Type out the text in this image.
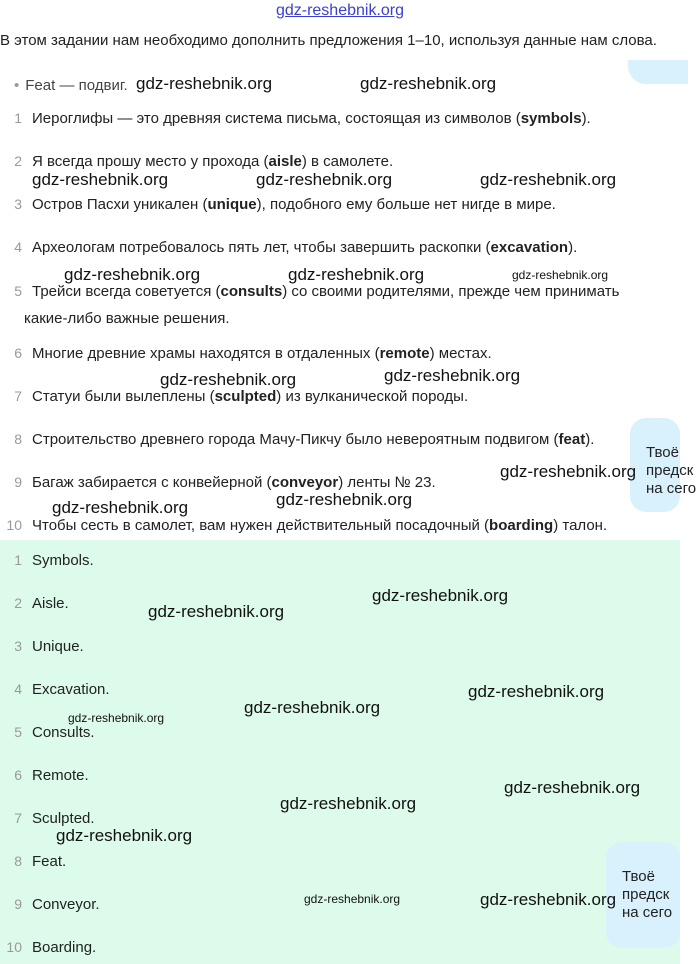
gdz-reshebnik.org
В этом задании нам необходимо дополнить предложения 1–10, используя данные нам слова.
• Feat — подвиг.
1 Иероглифы — это древняя система письма, состоящая из символов (symbols).
2 Я всегда прошу место у прохода (aisle) в самолете.
3 Остров Пасхи уникален (unique), подобного ему больше нет нигде в мире.
4 Археологам потребовалось пять лет, чтобы завершить раскопки (excavation).
5 Трейси всегда советуется (consults) со своими родителями, прежде чем принимать
какие-либо важные решения.
6 Многие древние храмы находятся в отдаленных (remote) местах.
7 Статуи были вылеплены (sculpted) из вулканической породы.
8 Строительство древнего города Мачу-Пикчу было невероятным подвигом (feat).
9 Багаж забирается с конвейерной (conveyor) ленты № 23.
10 Чтобы сесть в самолет, вам нужен действительный посадочный (boarding) талон.
1 Symbols.
2 Aisle.
3 Unique.
4 Excavation.
5 Consults.
6 Remote.
7 Sculpted.
8 Feat.
9 Conveyor.
10 Boarding.
Твоё
предск
на сего
Твоё
предск
на сего
gdz-reshebnik.org	gdz-reshebnik.org
gdz-reshebnik.org	gdz-reshebnik.org	gdz-reshebnik.org
gdz-reshebnik.org	gdz-reshebnik.org	gdz-reshebnik.org
gdz-reshebnik.org	gdz-reshebnik.org
gdz-reshebnik.org
gdz-reshebnik.org
gdz-reshebnik.org
gdz-reshebnik.org
gdz-reshebnik.org
gdz-reshebnik.org
gdz-reshebnik.org
gdz-reshebnik.org
gdz-reshebnik.org
gdz-reshebnik.org
gdz-reshebnik.org
gdz-reshebnik.org	gdz-reshebnik.org
